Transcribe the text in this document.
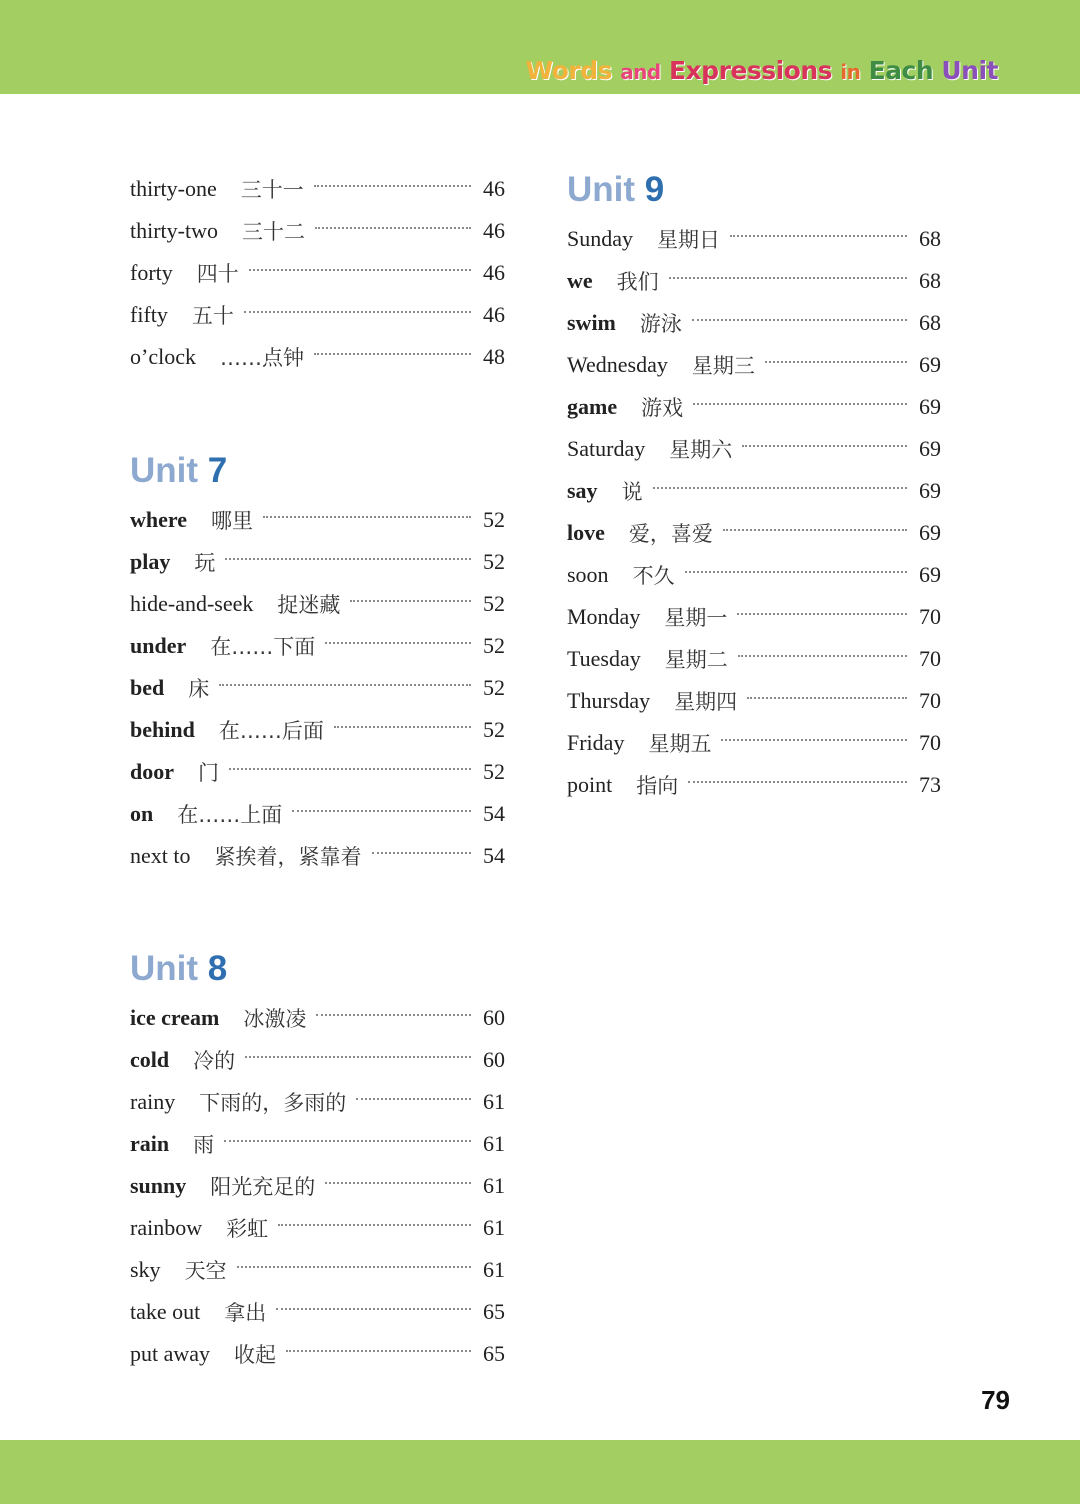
Words and Expressions in Each Unit
thirty-one 三十一	46
thirty-two 三十二	46
forty 四十	46
fifty 五十	46
o’clock ……点钟	48
Unit 7
where 哪里	52
play 玩	52
hide-and-seek 捉迷藏	52
under 在……下面	52
bed 床	52
behind 在……后面	52
door 门	52
on 在……上面	54
next to 紧挨着，紧靠着	54
Unit 8
ice cream 冰激凌	60
cold 冷的	60
rainy 下雨的，多雨的	61
rain 雨	61
sunny 阳光充足的	61
rainbow 彩虹	61
sky 天空	61
take out 拿出	65
put away 收起	65
Unit 9
Sunday 星期日	68
we 我们	68
swim 游泳	68
Wednesday 星期三	69
game 游戏	69
Saturday 星期六	69
say 说	69
love 爱，喜爱	69
soon 不久	69
Monday 星期一	70
Tuesday 星期二	70
Thursday 星期四	70
Friday 星期五	70
point 指向	73
79
